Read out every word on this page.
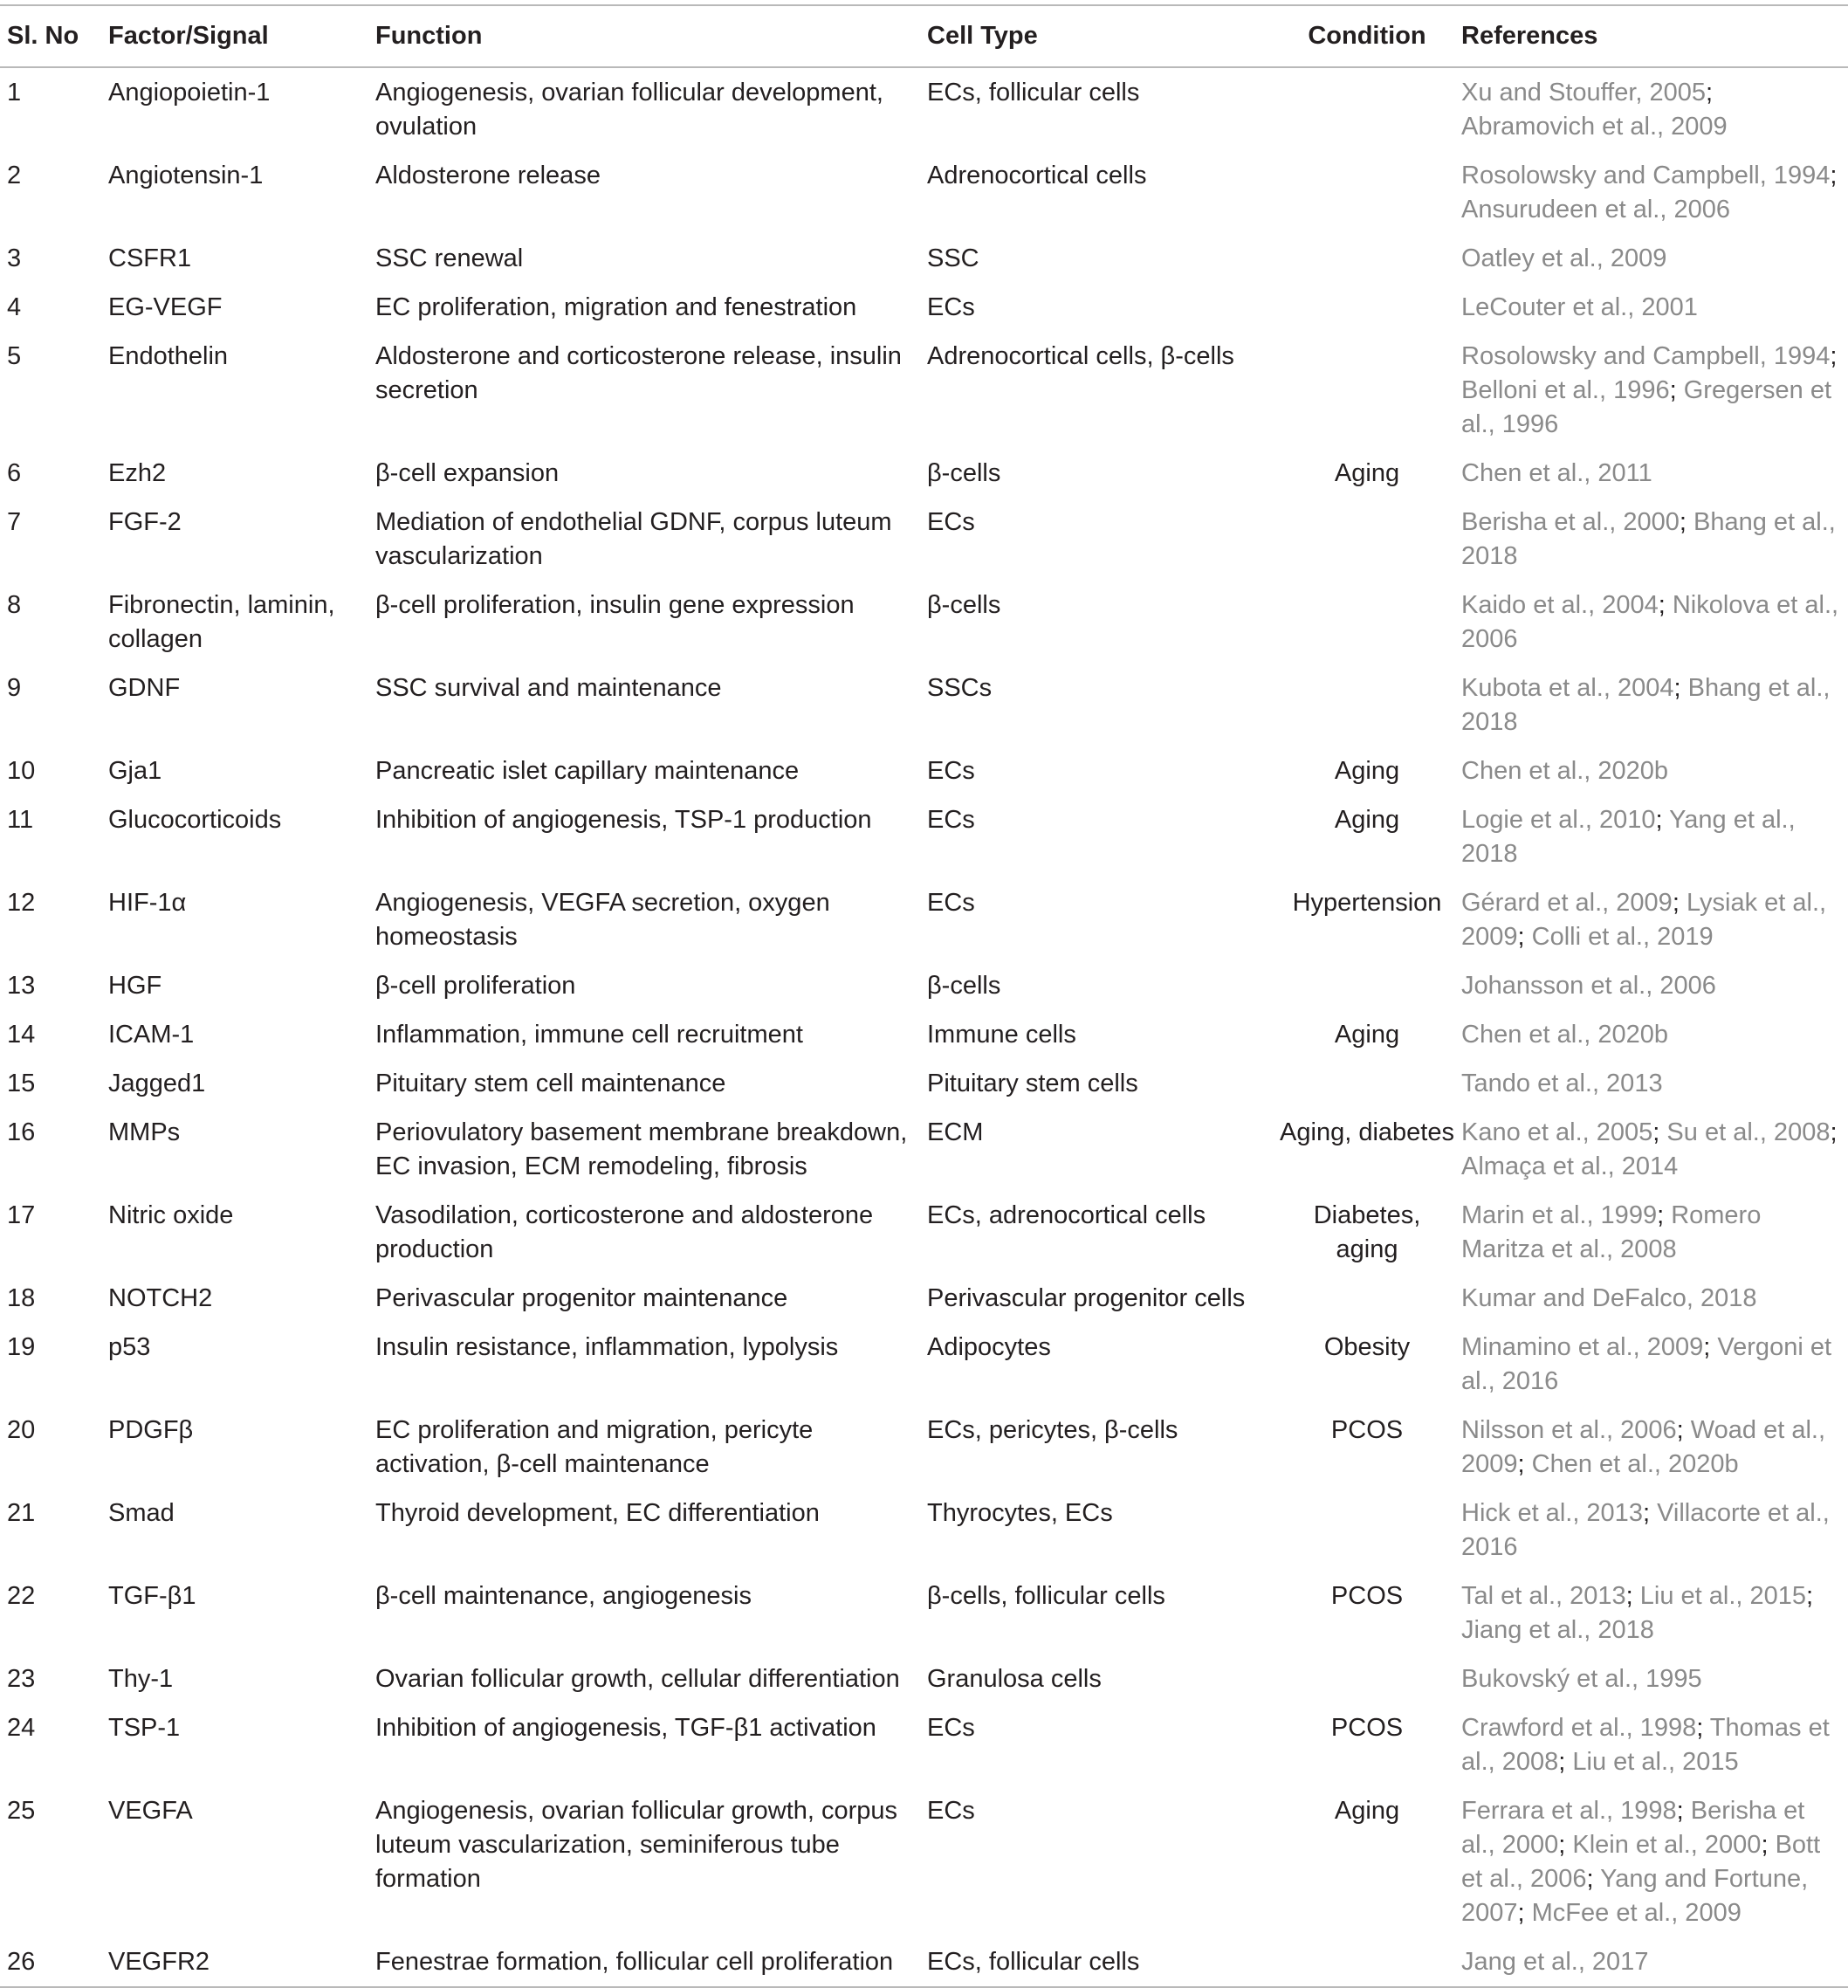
Sl. No	Factor/Signal	Function	Cell Type	Condition	References
1	Angiopoietin-1	Angiogenesis, ovarian follicular development, ovulation	ECs, follicular cells		Xu and Stouffer, 2005; Abramovich et al., 2009
2	Angiotensin-1	Aldosterone release	Adrenocortical cells		Rosolowsky and Campbell, 1994; Ansurudeen et al., 2006
3	CSFR1	SSC renewal	SSC		Oatley et al., 2009
4	EG-VEGF	EC proliferation, migration and fenestration	ECs		LeCouter et al., 2001
5	Endothelin	Aldosterone and corticosterone release, insulin secretion	Adrenocortical cells, β-cells		Rosolowsky and Campbell, 1994; Belloni et al., 1996; Gregersen et al., 1996
6	Ezh2	β-cell expansion	β-cells	Aging	Chen et al., 2011
7	FGF-2	Mediation of endothelial GDNF, corpus luteum vascularization	ECs		Berisha et al., 2000; Bhang et al., 2018
8	Fibronectin, laminin, collagen	β-cell proliferation, insulin gene expression	β-cells		Kaido et al., 2004; Nikolova et al., 2006
9	GDNF	SSC survival and maintenance	SSCs		Kubota et al., 2004; Bhang et al., 2018
10	Gja1	Pancreatic islet capillary maintenance	ECs	Aging	Chen et al., 2020b
11	Glucocorticoids	Inhibition of angiogenesis, TSP-1 production	ECs	Aging	Logie et al., 2010; Yang et al., 2018
12	HIF-1α	Angiogenesis, VEGFA secretion, oxygen homeostasis	ECs	Hypertension	Gérard et al., 2009; Lysiak et al., 2009; Colli et al., 2019
13	HGF	β-cell proliferation	β-cells		Johansson et al., 2006
14	ICAM-1	Inflammation, immune cell recruitment	Immune cells	Aging	Chen et al., 2020b
15	Jagged1	Pituitary stem cell maintenance	Pituitary stem cells		Tando et al., 2013
16	MMPs	Periovulatory basement membrane breakdown, EC invasion, ECM remodeling, fibrosis	ECM	Aging, diabetes	Kano et al., 2005; Su et al., 2008; Almaça et al., 2014
17	Nitric oxide	Vasodilation, corticosterone and aldosterone production	ECs, adrenocortical cells	Diabetes, aging	Marin et al., 1999; Romero Maritza et al., 2008
18	NOTCH2	Perivascular progenitor maintenance	Perivascular progenitor cells		Kumar and DeFalco, 2018
19	p53	Insulin resistance, inflammation, lypolysis	Adipocytes	Obesity	Minamino et al., 2009; Vergoni et al., 2016
20	PDGFβ	EC proliferation and migration, pericyte activation, β-cell maintenance	ECs, pericytes, β-cells	PCOS	Nilsson et al., 2006; Woad et al., 2009; Chen et al., 2020b
21	Smad	Thyroid development, EC differentiation	Thyrocytes, ECs		Hick et al., 2013; Villacorte et al., 2016
22	TGF-β1	β-cell maintenance, angiogenesis	β-cells, follicular cells	PCOS	Tal et al., 2013; Liu et al., 2015; Jiang et al., 2018
23	Thy-1	Ovarian follicular growth, cellular differentiation	Granulosa cells		Bukovský et al., 1995
24	TSP-1	Inhibition of angiogenesis, TGF-β1 activation	ECs	PCOS	Crawford et al., 1998; Thomas et al., 2008; Liu et al., 2015
25	VEGFA	Angiogenesis, ovarian follicular growth, corpus luteum vascularization, seminiferous tube formation	ECs	Aging	Ferrara et al., 1998; Berisha et al., 2000; Klein et al., 2000; Bott et al., 2006; Yang and Fortune, 2007; McFee et al., 2009
26	VEGFR2	Fenestrae formation, follicular cell proliferation	ECs, follicular cells		Jang et al., 2017
